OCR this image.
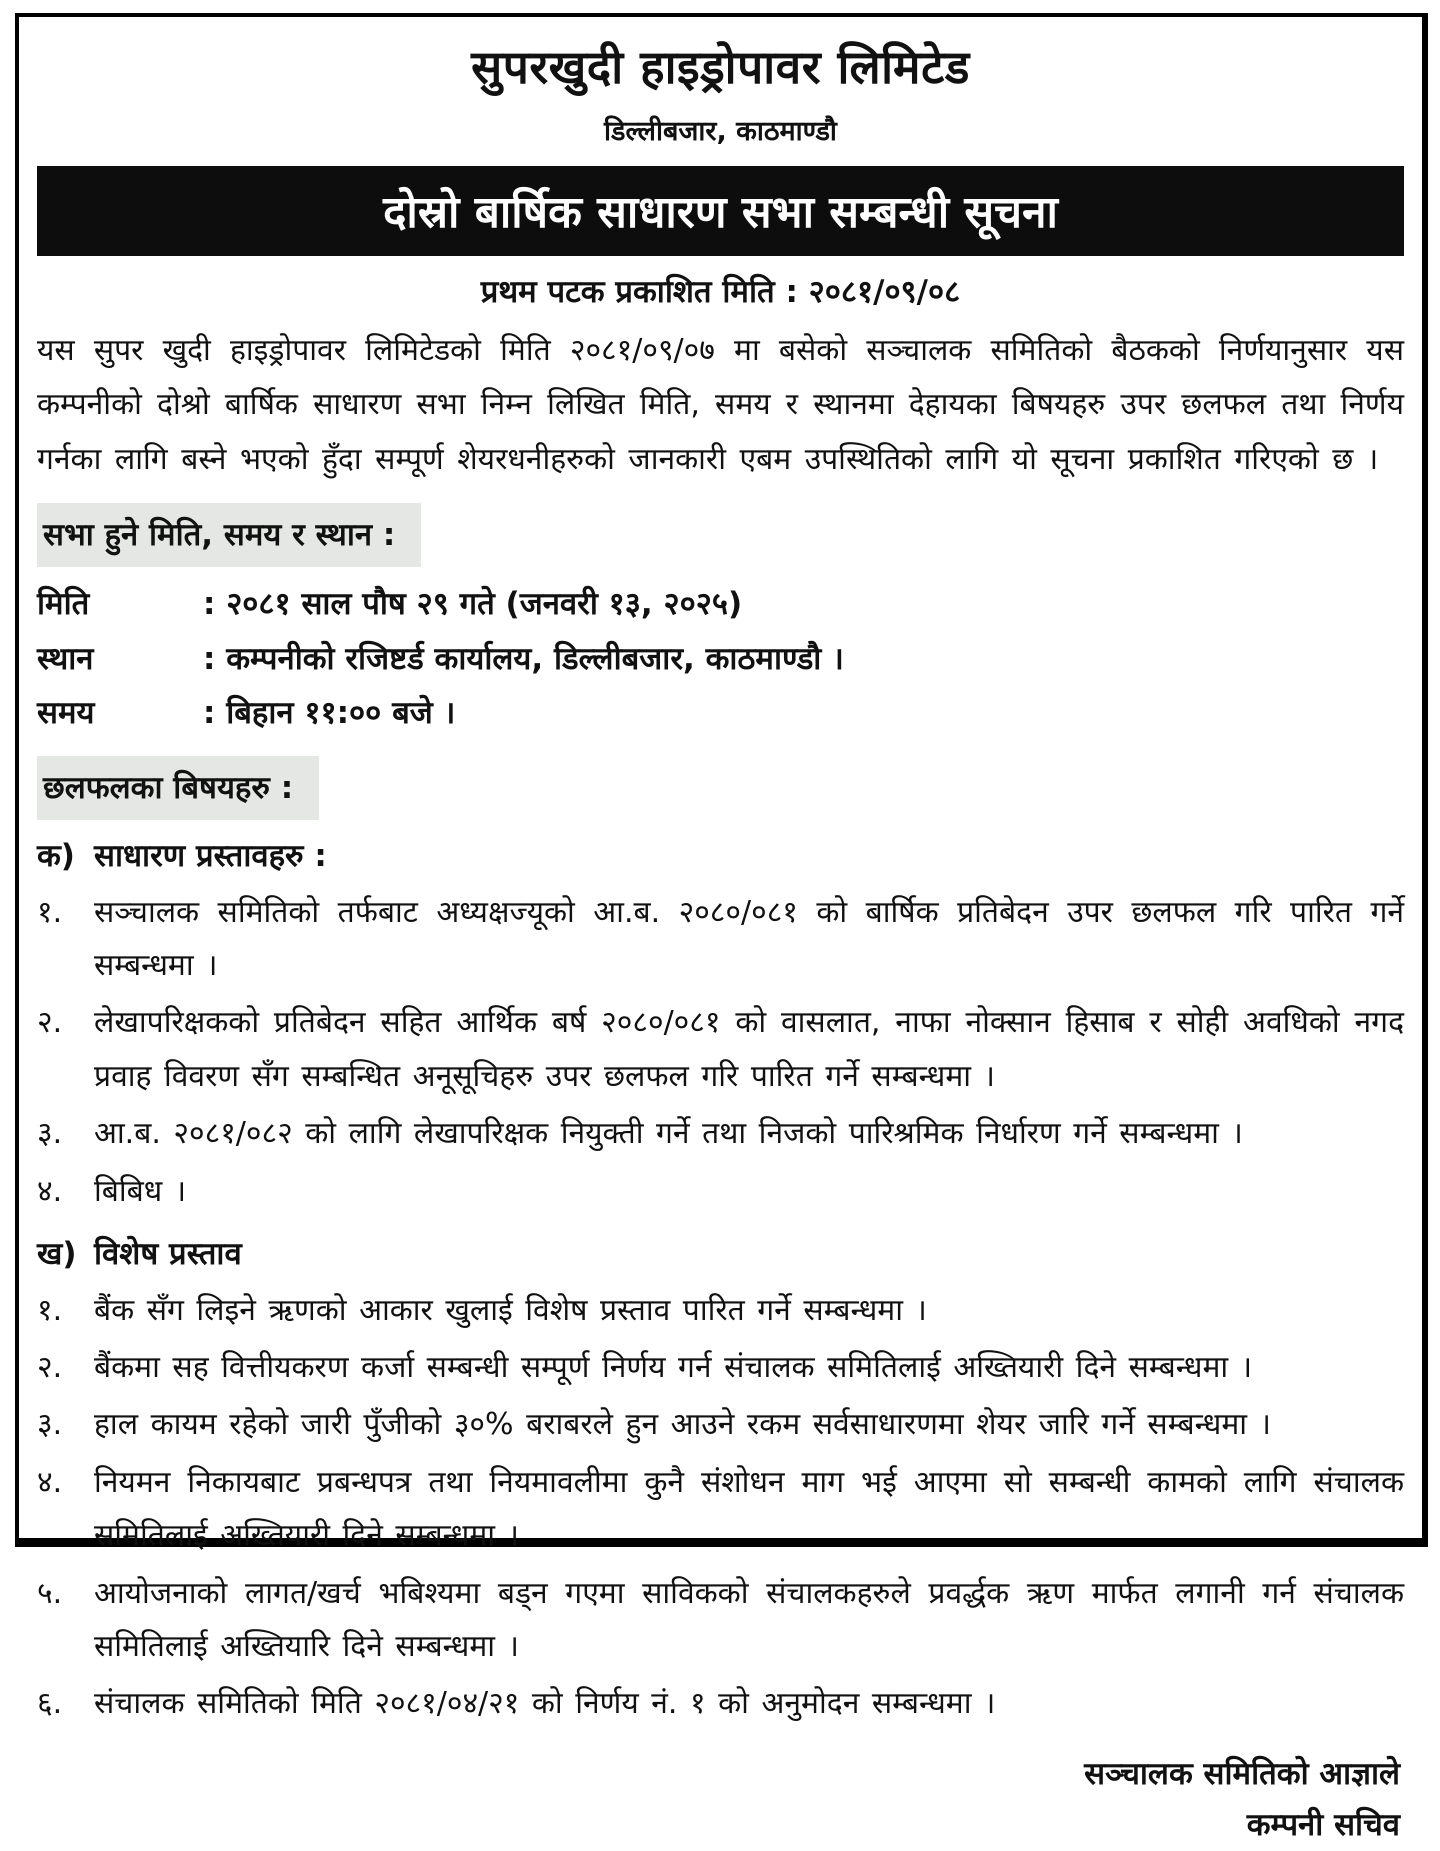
सुपरखुदी हाइड्रोपावर लिमिटेड
डिल्लीबजार, काठमाण्डौ
दोस्रो बार्षिक साधारण सभा सम्बन्धी सूचना
प्रथम पटक प्रकाशित मिति : २०८१/०९/०८
यस सुपर खुदी हाइड्रोपावर लिमिटेडको मिति २०८१/०९/०७ मा बसेको सञ्चालक समितिको बैठकको निर्णयानुसार यस कम्पनीको दोश्रो बार्षिक साधारण सभा निम्न लिखित मिति, समय र स्थानमा देहायका बिषयहरु उपर छलफल तथा निर्णय गर्नका लागि बस्ने भएको हुँदा सम्पूर्ण शेयरधनीहरुको जानकारी एबम उपस्थितिको लागि यो सूचना प्रकाशित गरिएको छ ।
सभा हुने मिति, समय र स्थान :
मिति	: २०८१ साल पौष २९ गते (जनवरी १३, २०२५)
स्थान	: कम्पनीको रजिष्टर्ड कार्यालय, डिल्लीबजार, काठमाण्डौ ।
समय	: बिहान ११:०० बजे ।
छलफलका बिषयहरु :
क) साधारण प्रस्तावहरु :
१.	सञ्चालक समितिको तर्फबाट अध्यक्षज्यूको आ.ब. २०८०/०८१ को बार्षिक प्रतिबेदन उपर छलफल गरि पारित गर्ने सम्बन्धमा ।
२.	लेखापरिक्षकको प्रतिबेदन सहित आर्थिक बर्ष २०८०/०८१ को वासलात, नाफा नोक्सान हिसाब र सोही अवधिको नगद प्रवाह विवरण सँग सम्बन्धित अनूसूचिहरु उपर छलफल गरि पारित गर्ने सम्बन्धमा ।
३.	आ.ब. २०८१/०८२ को लागि लेखापरिक्षक नियुक्ती गर्ने तथा निजको पारिश्रमिक निर्धारण गर्ने सम्बन्धमा ।
४.	बिबिध ।
ख) विशेष प्रस्ताव
१.	बैंक सँग लिइने ऋणको आकार खुलाई विशेष प्रस्ताव पारित गर्ने सम्बन्धमा ।
२.	बैंकमा सह वित्तीयकरण कर्जा सम्बन्धी सम्पूर्ण निर्णय गर्न संचालक समितिलाई अख्तियारी दिने सम्बन्धमा ।
३.	हाल कायम रहेको जारी पुँजीको ३०% बराबरले हुन आउने रकम सर्वसाधारणमा शेयर जारि गर्ने सम्बन्धमा ।
४.	नियमन निकायबाट प्रबन्धपत्र तथा नियमावलीमा कुनै संशोधन माग भई आएमा सो सम्बन्धी कामको लागि संचालक समितिलाई अख्तियारी दिने सम्बन्धमा ।
५.	आयोजनाको लागत/खर्च भबिश्यमा बड्न गएमा साविकको संचालकहरुले प्रवर्द्धक ऋण मार्फत लगानी गर्न संचालक समितिलाई अख्तियारि दिने सम्बन्धमा ।
६.	संचालक समितिको मिति २०८१/०४/२१ को निर्णय नं. १ को अनुमोदन सम्बन्धमा ।
सञ्चालक समितिको आज्ञाले
कम्पनी सचिव
